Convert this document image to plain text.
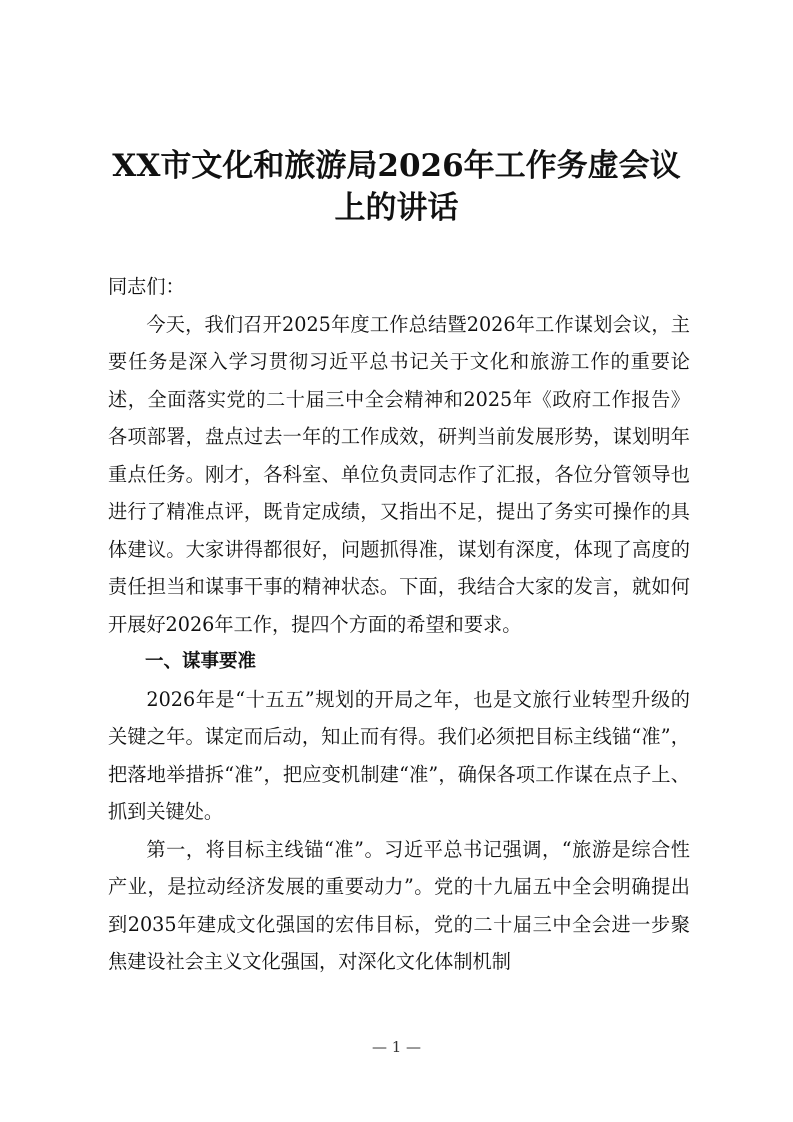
XX市文化和旅游局2026年工作务虚会议
上的讲话

同志们：

今天，我们召开2025年度工作总结暨2026年工作谋划会议，主要任务是深入学习贯彻习近平总书记关于文化和旅游工作的重要论述，全面落实党的二十届三中全会精神和2025年《政府工作报告》各项部署，盘点过去一年的工作成效，研判当前发展形势，谋划明年重点任务。刚才，各科室、单位负责同志作了汇报，各位分管领导也进行了精准点评，既肯定成绩，又指出不足，提出了务实可操作的具体建议。大家讲得都很好，问题抓得准，谋划有深度，体现了高度的责任担当和谋事干事的精神状态。下面，我结合大家的发言，就如何开展好2026年工作，提四个方面的希望和要求。

一、谋事要准

2026年是“十五五”规划的开局之年，也是文旅行业转型升级的关键之年。谋定而后动，知止而有得。我们必须把目标主线锚“准”，把落地举措拆“准”，把应变机制建“准”，确保各项工作谋在点子上、抓到关键处。

第一，将目标主线锚“准”。习近平总书记强调，“旅游是综合性产业，是拉动经济发展的重要动力”。党的十九届五中全会明确提出到2035年建成文化强国的宏伟目标，党的二十届三中全会进一步聚焦建设社会主义文化强国，对深化文化体制机制

— 1 —
